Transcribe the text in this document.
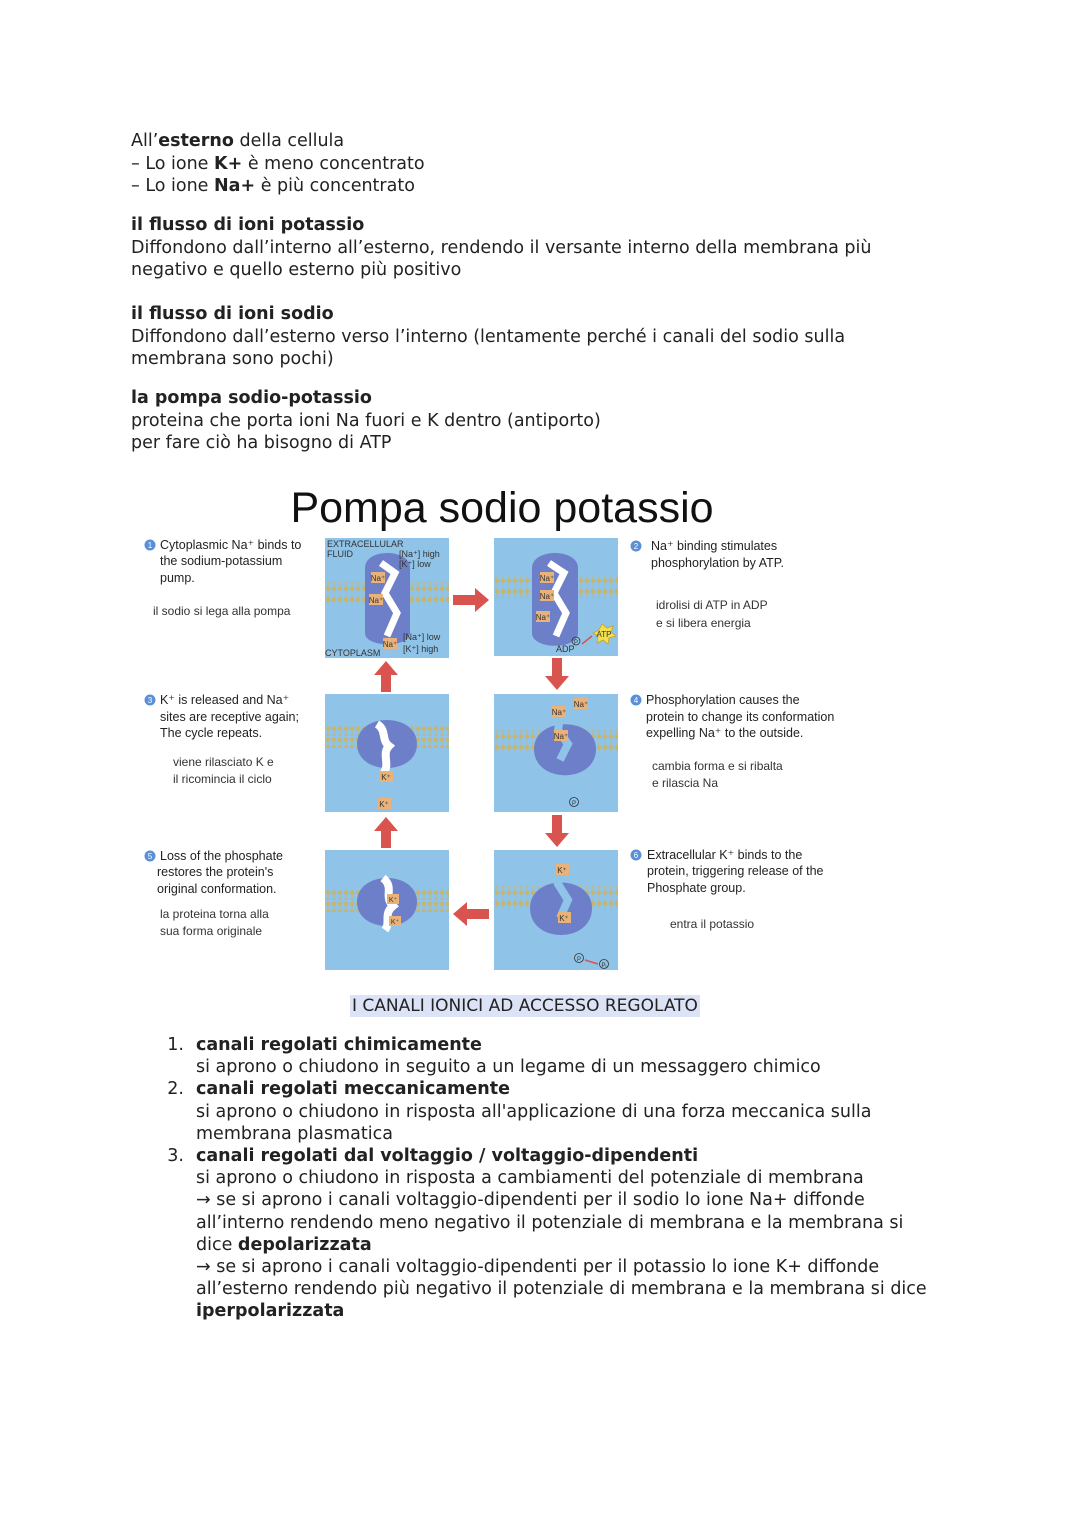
All’esterno della cellula

– Lo ione K+ è meno concentrato

– Lo ione Na+ è più concentrato

il flusso di ioni potassio

Diffondono dall’interno all’esterno, rendendo il versante interno della membrana più

negativo e quello esterno più positivo

il flusso di ioni sodio

Diffondono dall’esterno verso l’interno (lentamente perché i canali del sodio sulla

membrana sono pochi)

la pompa sodio-potassio

proteina che porta ioni Na fuori e K dentro (antiporto)

per fare ciò ha bisogno di ATP

Pompa sodio potassio
Na⁺
Na⁺
Na⁺
EXTRACELLULAR
FLUID	[Na⁺] high
[K⁺] low
[Na⁺] low
[K⁺] high
CYTOPLASM
Na⁺
Na⁺
Na⁺
ATP
P
ADP
K⁺
K⁺
Na⁺
Na⁺
Na⁺
P
K⁺
K⁺
K⁺
K⁺
P
Pᵢ
1 Cytoplasmic Na⁺ binds to
the sodium-potassium
pump.
il sodio si lega alla pompa
3 K⁺ is released and Na⁺
sites are receptive again;
The cycle repeats.
viene rilasciato K e
il ricomincia il ciclo
5 Loss of the phosphate
restores the protein's
original conformation.
la proteina torna alla
sua forma originale
2 Na⁺ binding stimulates
phosphorylation by ATP.
idrolisi di ATP in ADP
e si libera energia
4 Phosphorylation causes the
protein to change its conformation
expelling Na⁺ to the outside.
cambia forma e si ribalta
e rilascia Na
6 Extracellular K⁺ binds to the
protein, triggering release of the
Phosphate group.
entra il potassio
I CANALI IONICI AD ACCESSO REGOLATO
1. canali regolati chimicamente

si aprono o chiudono in seguito a un legame di un messaggero chimico

2. canali regolati meccanicamente

si aprono o chiudono in risposta all'applicazione di una forza meccanica sulla

membrana plasmatica

3. canali regolati dal voltaggio / voltaggio-dipendenti

si aprono o chiudono in risposta a cambiamenti del potenziale di membrana

→ se si aprono i canali voltaggio-dipendenti per il sodio lo ione Na+ diffonde

all’interno rendendo meno negativo il potenziale di membrana e la membrana si

dice depolarizzata

→ se si aprono i canali voltaggio-dipendenti per il potassio lo ione K+ diffonde

all’esterno rendendo più negativo il potenziale di membrana e la membrana si dice

iperpolarizzata
